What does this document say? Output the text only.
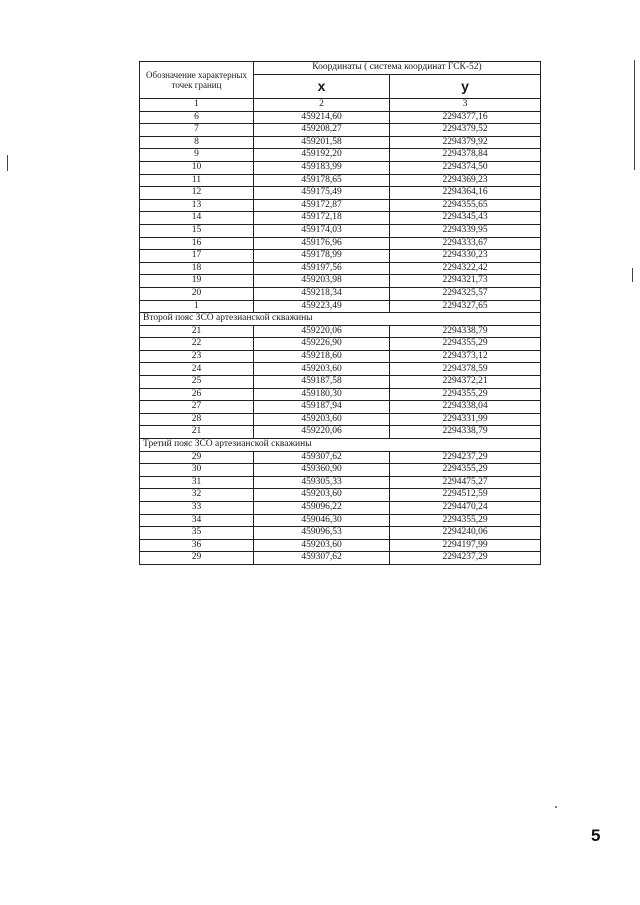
Обозначение характерных точек границ	Координаты ( система координат ГСК-52)	
	x	у
1	2	3
6	459214,60	2294377,16
7	459208,27	2294379,52
8	459201,58	2294379,92
9	459192,20	2294378,84
10	459183,99	2294374,50
11	459178,65	2294369,23
12	459175,49	2294364,16
13	459172,87	2294355,65
14	459172,18	2294345,43
15	459174,03	2294339,95
16	459176,96	2294333,67
17	459178,99	2294330,23
18	459197,56	2294322,42
19	459203,98	2294321,73
20	459218,34	2294325,57
1	459223,49	2294327,65
Второй пояс ЗСО артезианской скважины		
21	459220,06	2294338,79
22	459226,90	2294355,29
23	459218,60	2294373,12
24	459203,60	2294378,59
25	459187,58	2294372,21
26	459180,30	2294355,29
27	459187,94	2294338,04
28	459203,60	2294331,99
21	459220,06	2294338,79
Третий пояс ЗСО артезианской скважины		
29	459307,62	2294237,29
30	459360,90	2294355,29
31	459305,33	2294475,27
32	459203,60	2294512,59
33	459096,22	2294470,24
34	459046,30	2294355,29
35	459096,53	2294240,06
36	459203,60	2294197,99
29	459307,62	2294237,29
5
